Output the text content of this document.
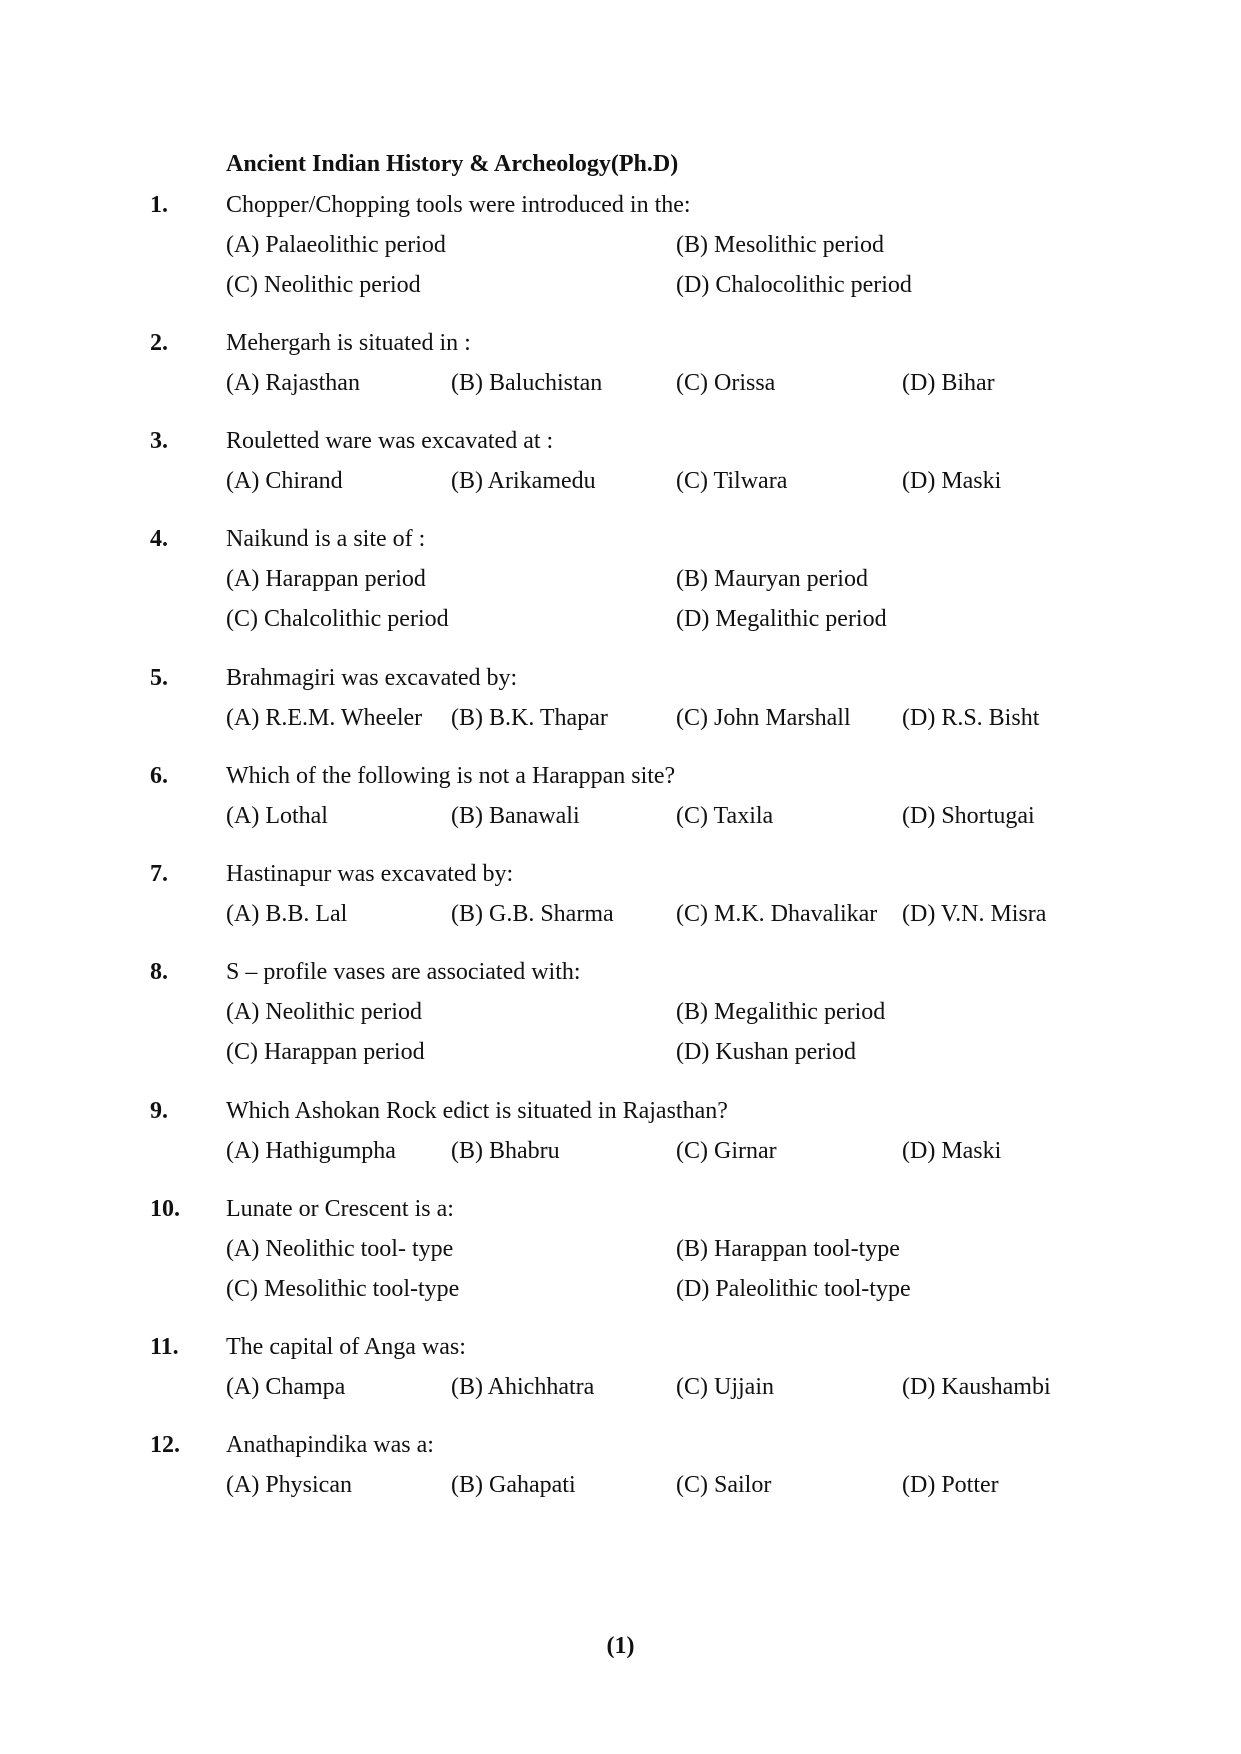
Ancient Indian History & Archeology(Ph.D)
1. Chopper/Chopping tools were introduced in the:
(A) Palaeolithic period	(B) Mesolithic period
(C) Neolithic period	(D) Chalocolithic period
2. Mehergarh is situated in :
(A) Rajasthan	(B) Baluchistan	(C) Orissa	(D) Bihar
3. Rouletted ware was excavated at :
(A) Chirand	(B) Arikamedu	(C) Tilwara	(D) Maski
4. Naikund is a site of :
(A) Harappan period	(B) Mauryan period
(C) Chalcolithic period	(D) Megalithic period
5. Brahmagiri was excavated by:
(A) R.E.M. Wheeler (B) B.K. Thapar	(C) John Marshall (D) R.S. Bisht
6. Which of the following is not a Harappan site?
(A) Lothal	(B) Banawali	(C) Taxila	(D) Shortugai
7. Hastinapur was excavated by:
(A) B.B. Lal	(B) G.B. Sharma	(C) M.K. Dhavalikar (D) V.N. Misra
8. S – profile vases are associated with:
(A) Neolithic period	(B) Megalithic period
(C) Harappan period	(D) Kushan period
9. Which Ashokan Rock edict is situated in Rajasthan?
(A) Hathigumpha (B) Bhabru	(C) Girnar	(D) Maski
10. Lunate or Crescent is a:
(A) Neolithic tool- type	(B) Harappan tool-type
(C) Mesolithic tool-type	(D) Paleolithic tool-type
11. The capital of Anga was:
(A) Champa	(B) Ahichhatra	(C) Ujjain	(D) Kaushambi
12. Anathapindika was a:
(A) Physican	(B) Gahapati	(C) Sailor	(D) Potter
(1)
